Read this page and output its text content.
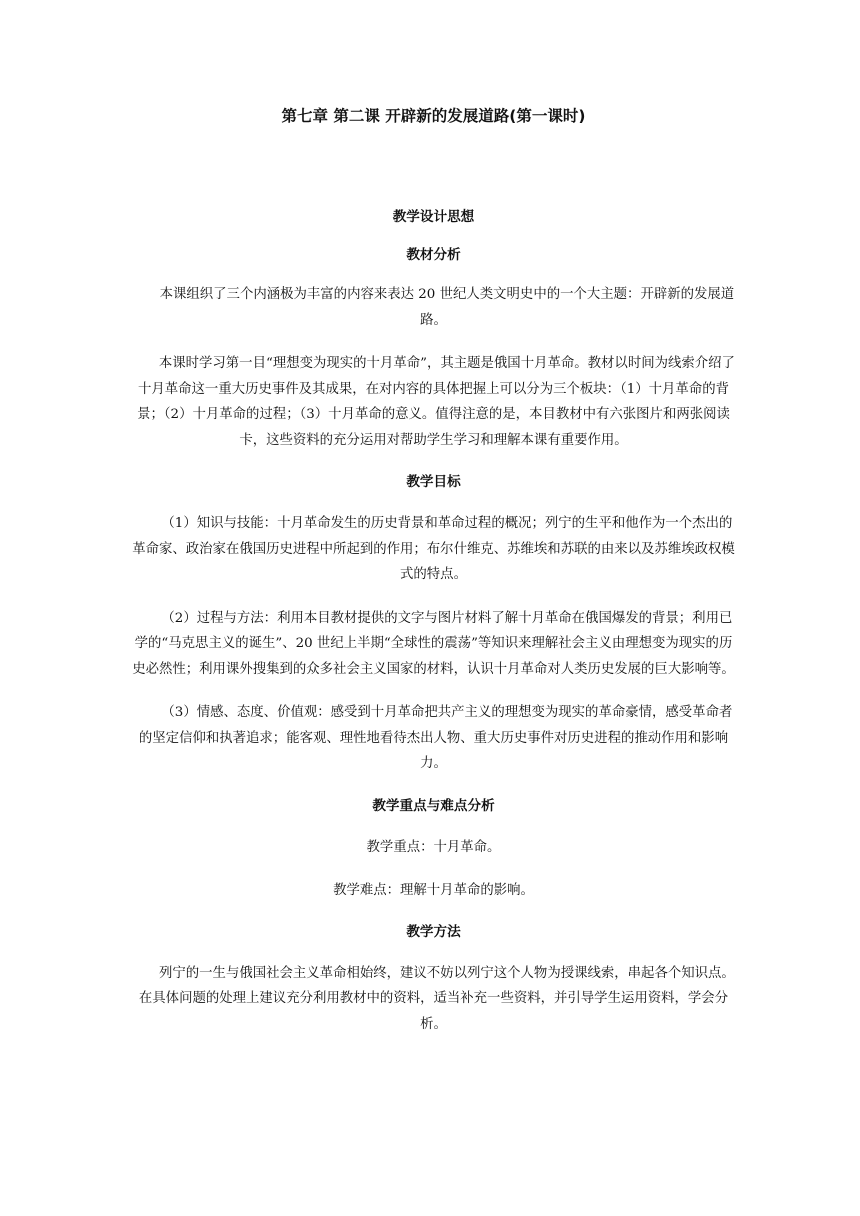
第七章 第二课 开辟新的发展道路(第一课时)
教学设计思想
教材分析

本课组织了三个内涵极为丰富的内容来表达 20 世纪人类文明史中的一个大主题：开辟新的发展道路。

本课时学习第一目“理想变为现实的十月革命”，其主题是俄国十月革命。教材以时间为线索介绍了十月革命这一重大历史事件及其成果，在对内容的具体把握上可以分为三个板块：（1）十月革命的背景；（2）十月革命的过程；（3）十月革命的意义。值得注意的是，本目教材中有六张图片和两张阅读卡，这些资料的充分运用对帮助学生学习和理解本课有重要作用。

教学目标

（1）知识与技能：十月革命发生的历史背景和革命过程的概况；列宁的生平和他作为一个杰出的革命家、政治家在俄国历史进程中所起到的作用；布尔什维克、苏维埃和苏联的由来以及苏维埃政权模式的特点。

（2）过程与方法：利用本目教材提供的文字与图片材料了解十月革命在俄国爆发的背景；利用已学的“马克思主义的诞生”、20 世纪上半期“全球性的震荡”等知识来理解社会主义由理想变为现实的历史必然性；利用课外搜集到的众多社会主义国家的材料，认识十月革命对人类历史发展的巨大影响等。

（3）情感、态度、价值观：感受到十月革命把共产主义的理想变为现实的革命豪情，感受革命者的坚定信仰和执著追求；能客观、理性地看待杰出人物、重大历史事件对历史进程的推动作用和影响力。

教学重点与难点分析

教学重点：十月革命。

教学难点：理解十月革命的影响。

教学方法

列宁的一生与俄国社会主义革命相始终，建议不妨以列宁这个人物为授课线索，串起各个知识点。在具体问题的处理上建议充分利用教材中的资料，适当补充一些资料，并引导学生运用资料，学会分析。
